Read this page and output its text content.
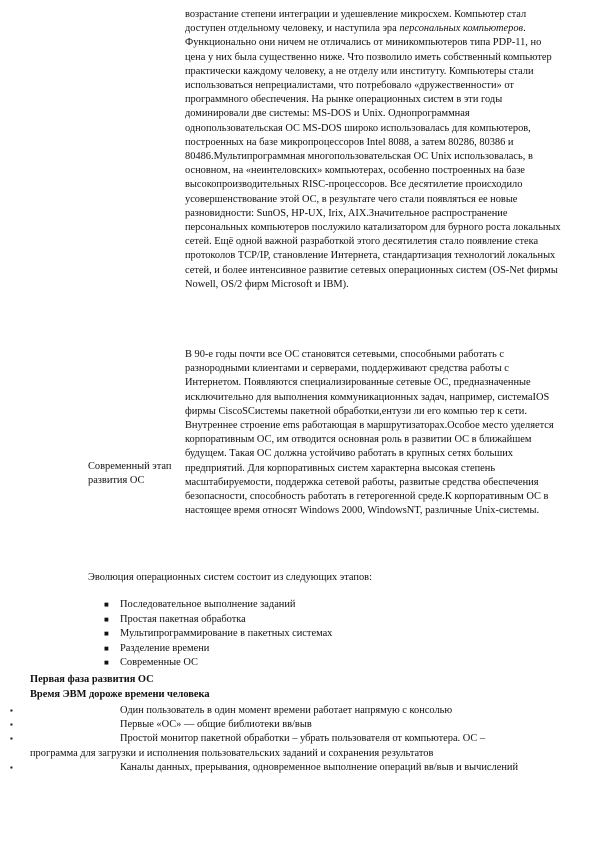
возрастание степени интеграции и удешевление микросхем. Компьютер стал доступен отдельному человеку, и наступила эра персональных компьютеров. Функционально они ничем не отличались от миникомпьютеров типа PDP-11, но цена у них была существенно ниже. Что позволило иметь собственный компьютер практически каждому человеку, а не отделу или институту. Компьютеры стали использоваться непрециалистами, что потребовало «дружественности» от программного обеспечения. На рынке операционных систем в эти годы доминировали две системы: MS-DOS и Unix. Однопрограммная однопользовательская ОС MS-DOS широко использовалась для компьютеров, построенных на базе микропроцессоров Intel 8088, а затем 80286, 80386 и 80486.Мультипрограммная многопользовательская ОС Unix использовалась, в основном, на «неинтеловских» компьютерах, особенно построенных на базе высокопроизводительных RISC-процессоров. Все десятилетие происходило усовершенствование этой ОС, в результате чего стали появляться ее новые разновидности: SunOS, HP-UX, Irix, AIX.Значительное распространение персональных компьютеров послужило катализатором для бурного роста локальных сетей. Ещё одной важной разработкой этого десятилетия стало появление стека протоколов TCP/IP, становление Интернета, стандартизация технологий локальных сетей, и более интенсивное развитие сетевых операционных систем (OS-Net фирмы Nowell, OS/2 фирм Microsoft и IBM).

Современный этап развития ОС

В 90-е годы почти все ОС становятся сетевыми, способными работать с разнородными клиентами и серверами, поддерживают средства работы с Интернетом. Появляются специализированные сетевые ОС, предназначенные исключительно для выполнения коммуникационных задач, например, системаIOS фирмы CiscoSCистемы пакетной обработки,ентузи ли его компью тер к сети. Внутреннее строение ems работающая в маршрутизаторах.Особое место уделяется корпоративным ОС, им отводится основная роль в развитии ОС в ближайшем будущем. Такая ОС должна устойчиво работать в крупных сетях больших предприятий. Для корпоративных систем характерна высокая степень масштабируемости, поддержка сетевой работы, развитые средства обеспечения безопасности, способность работать в гетерогенной среде.К корпоративным ОС в настоящее время относят Windows 2000, WindowsNT, различные Unix-системы.

Эволюция операционных систем состоит из следующих этапов:
■ Последовательное выполнение заданий
■ Простая пакетная обработка
■ Мультипрограммирование в пакетных системах
■ Разделение времени
■ Современные ОС
Первая фаза развития ОС
Время ЭВМ дороже времени человека
▪	Один пользователь в один момент времени работает напрямую с консолью
▪	Первые «ОС» — общие библиотеки вв/выв
▪	Простой монитор пакетной обработки – убрать пользователя от компьютера. ОС – программа для загрузки и исполнения пользовательских заданий и сохранения результатов
▪	Каналы данных, прерывания, одновременное выполнение операций вв/выв и вычислений
